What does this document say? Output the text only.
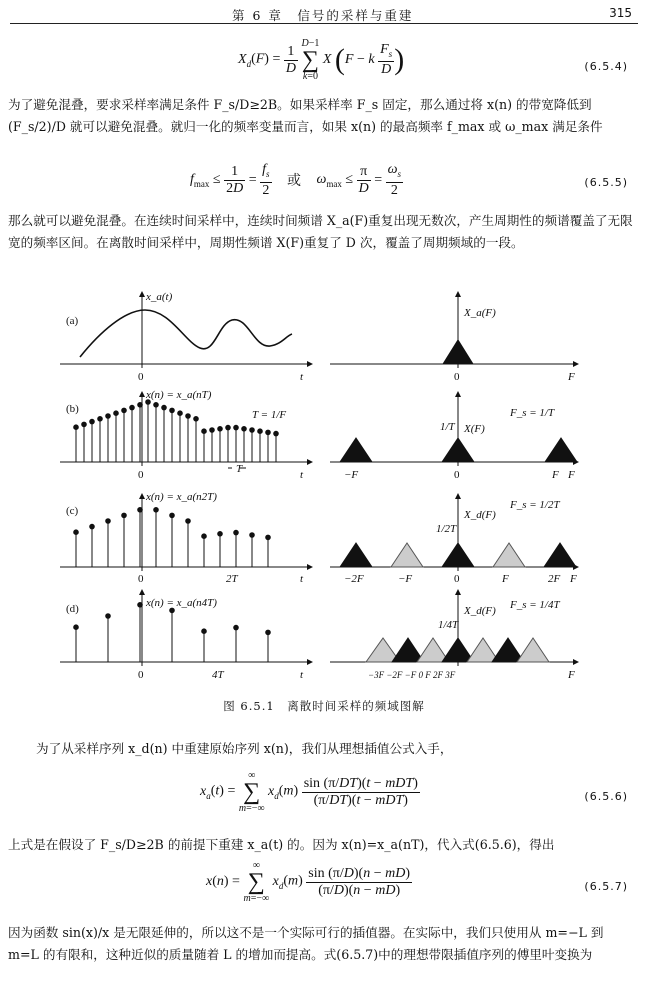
第 6 章　信号的采样与重建	315
$X_d(F) = \frac{1}{D} D-1$
∑
k=0 X (F − k $\frac{F_s}{D}$ )	(6.5.4)
为了避免混叠，要求采样率满足条件 F_s/D≥2B。如果采样率 F_s 固定，那么通过将 x(n) 的带宽降低到(F_s/2)/D 就可以避免混叠。就归一化的频率变量而言，如果 x(n) 的最高频率 f_max 或 ω_max 满足条件
$f_{max} \le \frac{1}{2D} = \frac{f_s}{2}$ 或 $\omega_{max} \le \frac{\pi}{D} = \frac{\omega_s}{2}$	(6.5.5)
那么就可以避免混叠。在连续时间采样中，连续时间频谱 X_a(F)重复出现无数次，产生周期性的频谱覆盖了无限宽的频率区间。在离散时间采样中，周期性频谱 X(F)重复了 D 次，覆盖了周期频域的一段。
(a)
x_a(t)
X_a(F)
0	t	0	F
(b)
x(n) = x_a(nT)
X(F)
F_s = 1/T
T = 1/F
T
1/T
0	t	−F	0	F F
(c)
x(n) = x_a(n2T)
X_d(F)
F_s = 1/2T
1/2T
2T
0	t	−2F	−F	0	F	2F F
(d)	x(n) = x_a(n4T)
X_d(F) F_s = 1/4T
1/4T
4T
0	t	−3F −2F −F 0 F 2F 3F	F
图 6.5.1　离散时间采样的频域图解
为了从采样序列 x_d(n) 中重建原始序列 x(n)，我们从理想插值公式入手，
$x_a(t)$ = ∞
∑
m=−∞ $x_d(m) \frac{\text{sin (π/DT)(t − mDT)}}{\text{(π/DT)(t − mDT)}}$	(6.5.6)
上式是在假设了 F_s/D≥2B 的前提下重建 x_a(t) 的。因为 x(n)=x_a(nT)，代入式(6.5.6)，得出
x(n) = ∞
∑
m=−∞ $x_d(m) \frac{\sin (\pi/D)(n - mD)}{(\pi/D)(n - mD)}$	(6.5.7)
因为函数 sin(x)/x 是无限延伸的，所以这不是一个实际可行的插值器。在实际中，我们只使用从 m=−L 到 m=L 的有限和，这种近似的质量随着 L 的增加而提高。式(6.5.7)中的理想带限插值序列的傅里叶变换为
